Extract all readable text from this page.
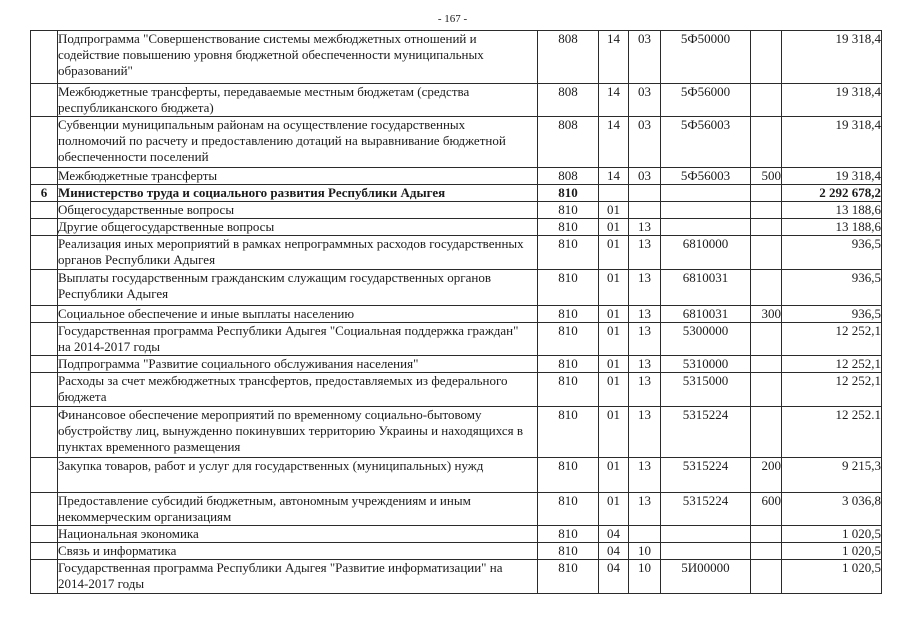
- 167 -

	Подпрограмма "Совершенствование системы межбюджетных отношений и
содействие повышению уровня бюджетной обеспеченности муниципальных
образований"	808	14	03	5Ф50000		19 318,4

	Межбюджетные трансферты, передаваемые местным бюджетам (средства
республиканского бюджета)	808	14	03	5Ф56000		19 318,4

	Субвенции муниципальным районам на осуществление государственных
полномочий по расчету и предоставлению дотаций на выравнивание бюджетной
обеспеченности поселений	808	14	03	5Ф56003		19 318,4

	Межбюджетные трансферты	808	14	03	5Ф56003	500	19 318,4
6	Министерство труда и социального развития Республики Адыгея	810					2 292 678,2

	Общегосударственные вопросы	810	01				13 188,6

	Другие общегосударственные вопросы	810	01	13			13 188,6

	Реализация иных мероприятий в рамках непрограммных расходов государственных
органов Республики Адыгея	810	01	13	6810000		936,5

	Выплаты государственным гражданским служащим государственных органов
Республики Адыгея	810	01	13	6810031		936,5

	Социальное обеспечение и иные выплаты населению	810	01	13	6810031	300	936,5

	Государственная программа Республики Адыгея "Социальная поддержка граждан"
на 2014-2017 годы	810	01	13	5300000		12 252,1

	Подпрограмма "Развитие социального обслуживания населения"	810	01	13	5310000		12 252,1

	Расходы за счет межбюджетных трансфертов, предоставляемых из федерального
бюджета	810	01	13	5315000		12 252,1

	Финансовое обеспечение мероприятий по временному социально-бытовому
обустройству лиц, вынужденно покинувших территорию Украины и находящихся в
пунктах временного размещения	810	01	13	5315224		12 252.1

	Закупка товаров, работ и услуг для государственных (муниципальных) нужд	810	01	13	5315224	200	9 215,3

	Предоставление субсидий бюджетным, автономным учреждениям и иным
некоммерческим организациям	810	01	13	5315224	600	3 036,8

	Национальная экономика	810	04				1 020,5

	Связь и информатика	810	04	10			1 020,5

	Государственная программа Республики Адыгея "Развитие информатизации" на
2014-2017 годы	810	04	10	5И00000		1 020,5
